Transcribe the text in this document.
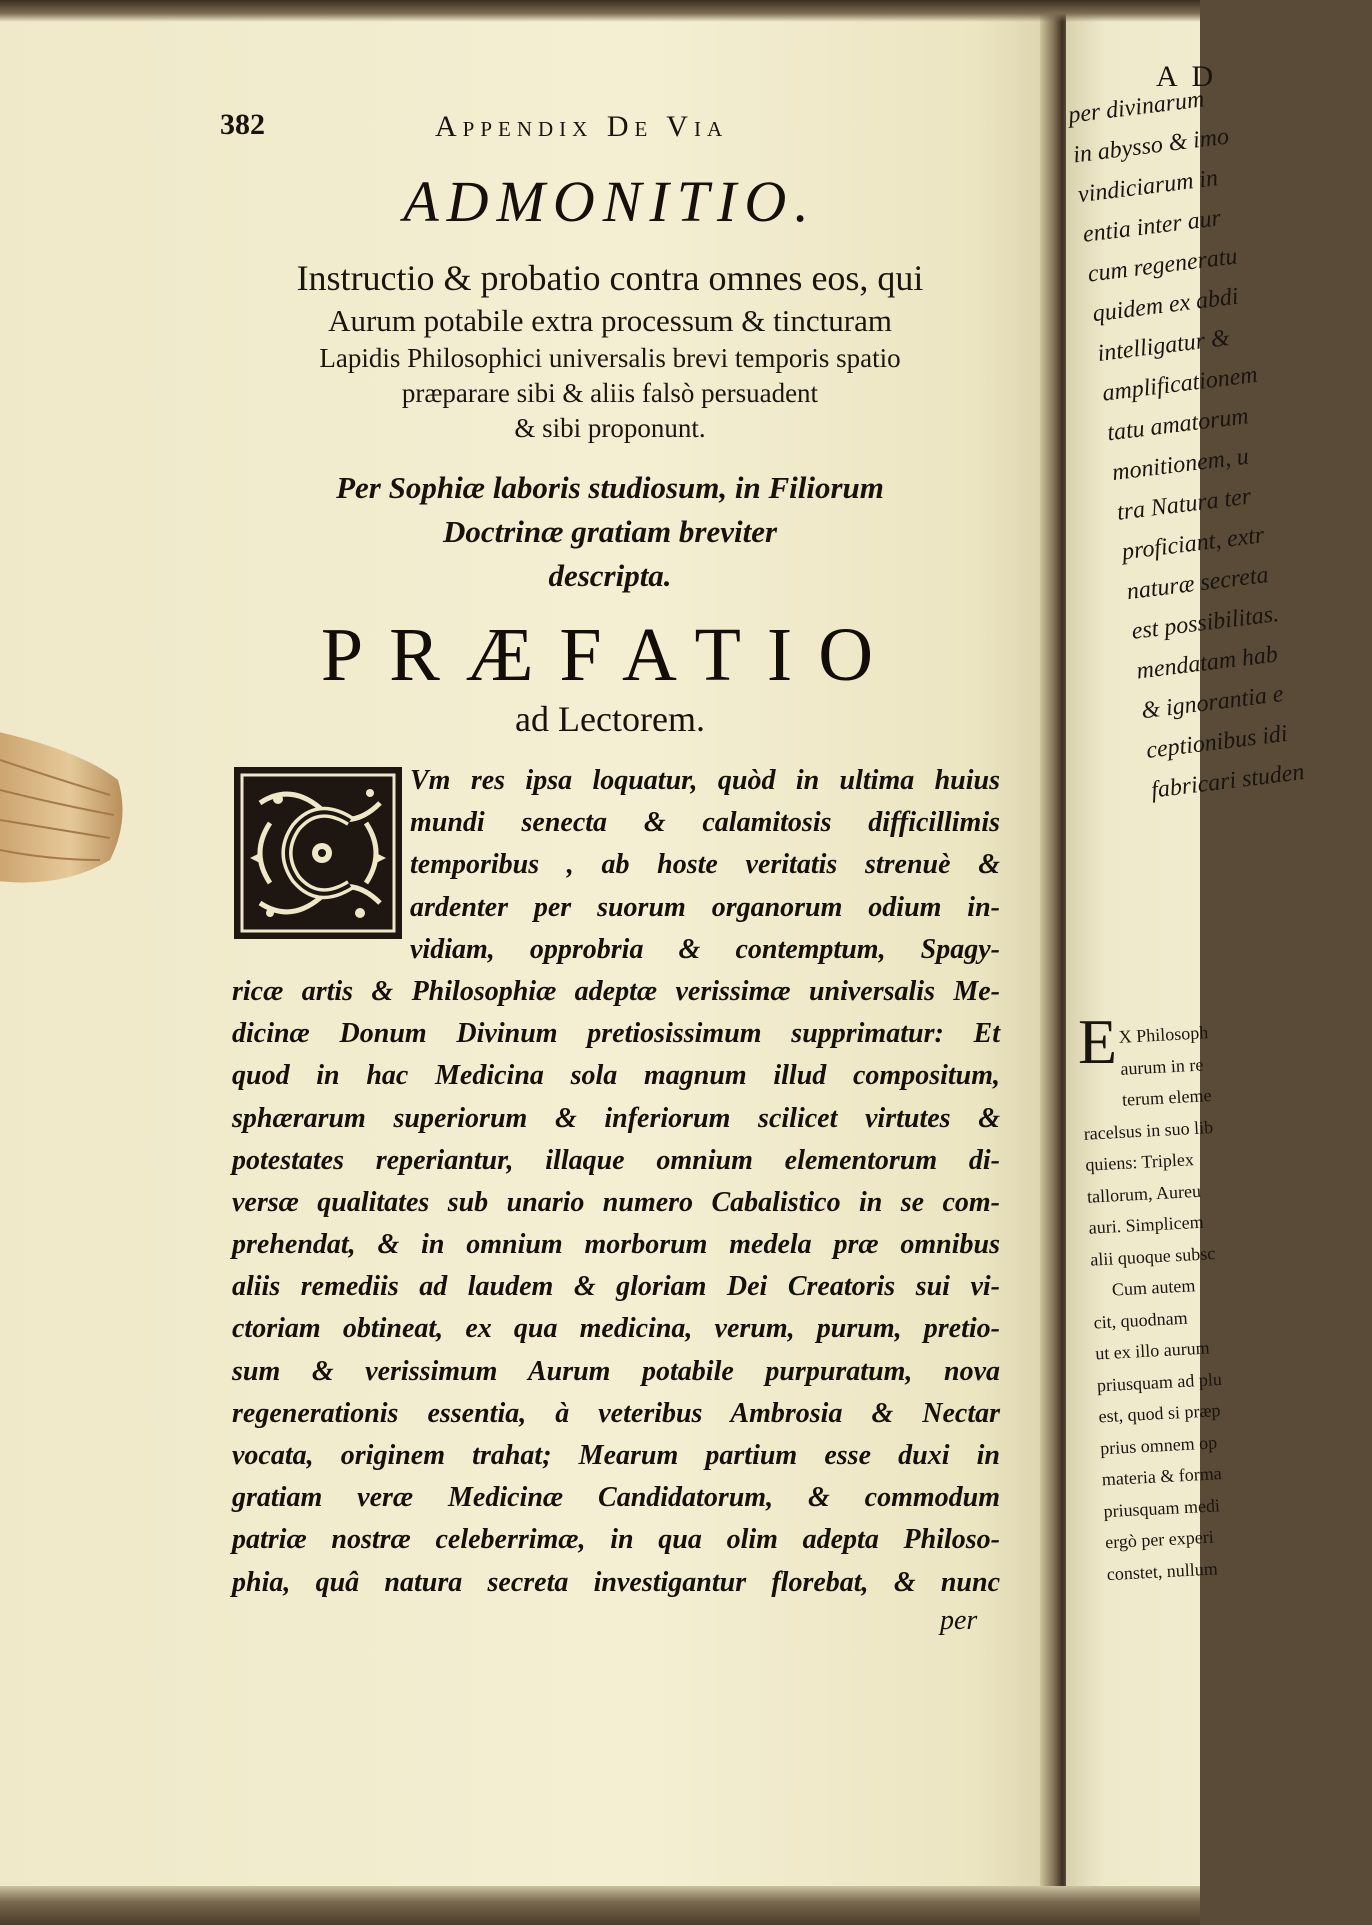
382	Appendix De Via
ADMONITIO.
Instructio & probatio contra omnes eos, qui
Aurum potabile extra processum & tincturam
Lapidis Philosophici universalis brevi temporis spatio
præparare sibi & aliis falsò persuadent
& sibi proponunt.
Per Sophiæ laboris studiosum, in Filiorum
Doctrinæ gratiam breviter
descripta.
PRÆFATIO
ad Lectorem.
Vm res ipsa loquatur, quòd in ultima huius
mundi senecta & calamitosis difficillimis
temporibus , ab hoste veritatis strenuè &
ardenter per suorum organorum odium in-
vidiam, opprobria & contemptum, Spagy-
ricæ artis & Philosophiæ adeptæ verissimæ universalis Me-
dicinæ Donum Divinum pretiosissimum supprimatur: Et
quod in hac Medicina sola magnum illud compositum,
sphærarum superiorum & inferiorum scilicet virtutes &
potestates reperiantur, illaque omnium elementorum di-
versæ qualitates sub unario numero Cabalistico in se com-
prehendat, & in omnium morborum medela præ omnibus
aliis remediis ad laudem & gloriam Dei Creatoris sui vi-
ctoriam obtineat, ex qua medicina, verum, purum, pretio-
sum & verissimum Aurum potabile purpuratum, nova
regenerationis essentia, à veteribus Ambrosia & Nectar
vocata, originem trahat; Mearum partium esse duxi in
gratiam veræ Medicinæ Candidatorum, & commodum
patriæ nostræ celeberrimæ, in qua olim adepta Philoso-
phia, quâ natura secreta investigantur florebat, & nunc
per
A D
per divinarum
in abysso & imo
vindiciarum in
entia inter aur
cum regeneratu
quidem ex abdi
intelligatur &
amplificationem
tatu amatorum
monitionem, u
tra Natura ter
proficiant, extr
naturæ secreta
est possibilitas.
mendatam hab
& ignorantia e
ceptionibus idi
fabricari studen
E X Philosoph
aurum in re
terum eleme
racelsus in suo lib
quiens: Triplex
tallorum, Aureu
auri. Simplicem
alii quoque subsc
Cum autem
cit, quodnam
ut ex illo aurum
priusquam ad plu
est, quod si præp
prius omnem op
materia & forma
priusquam medi
ergò per experi
constet, nullum
